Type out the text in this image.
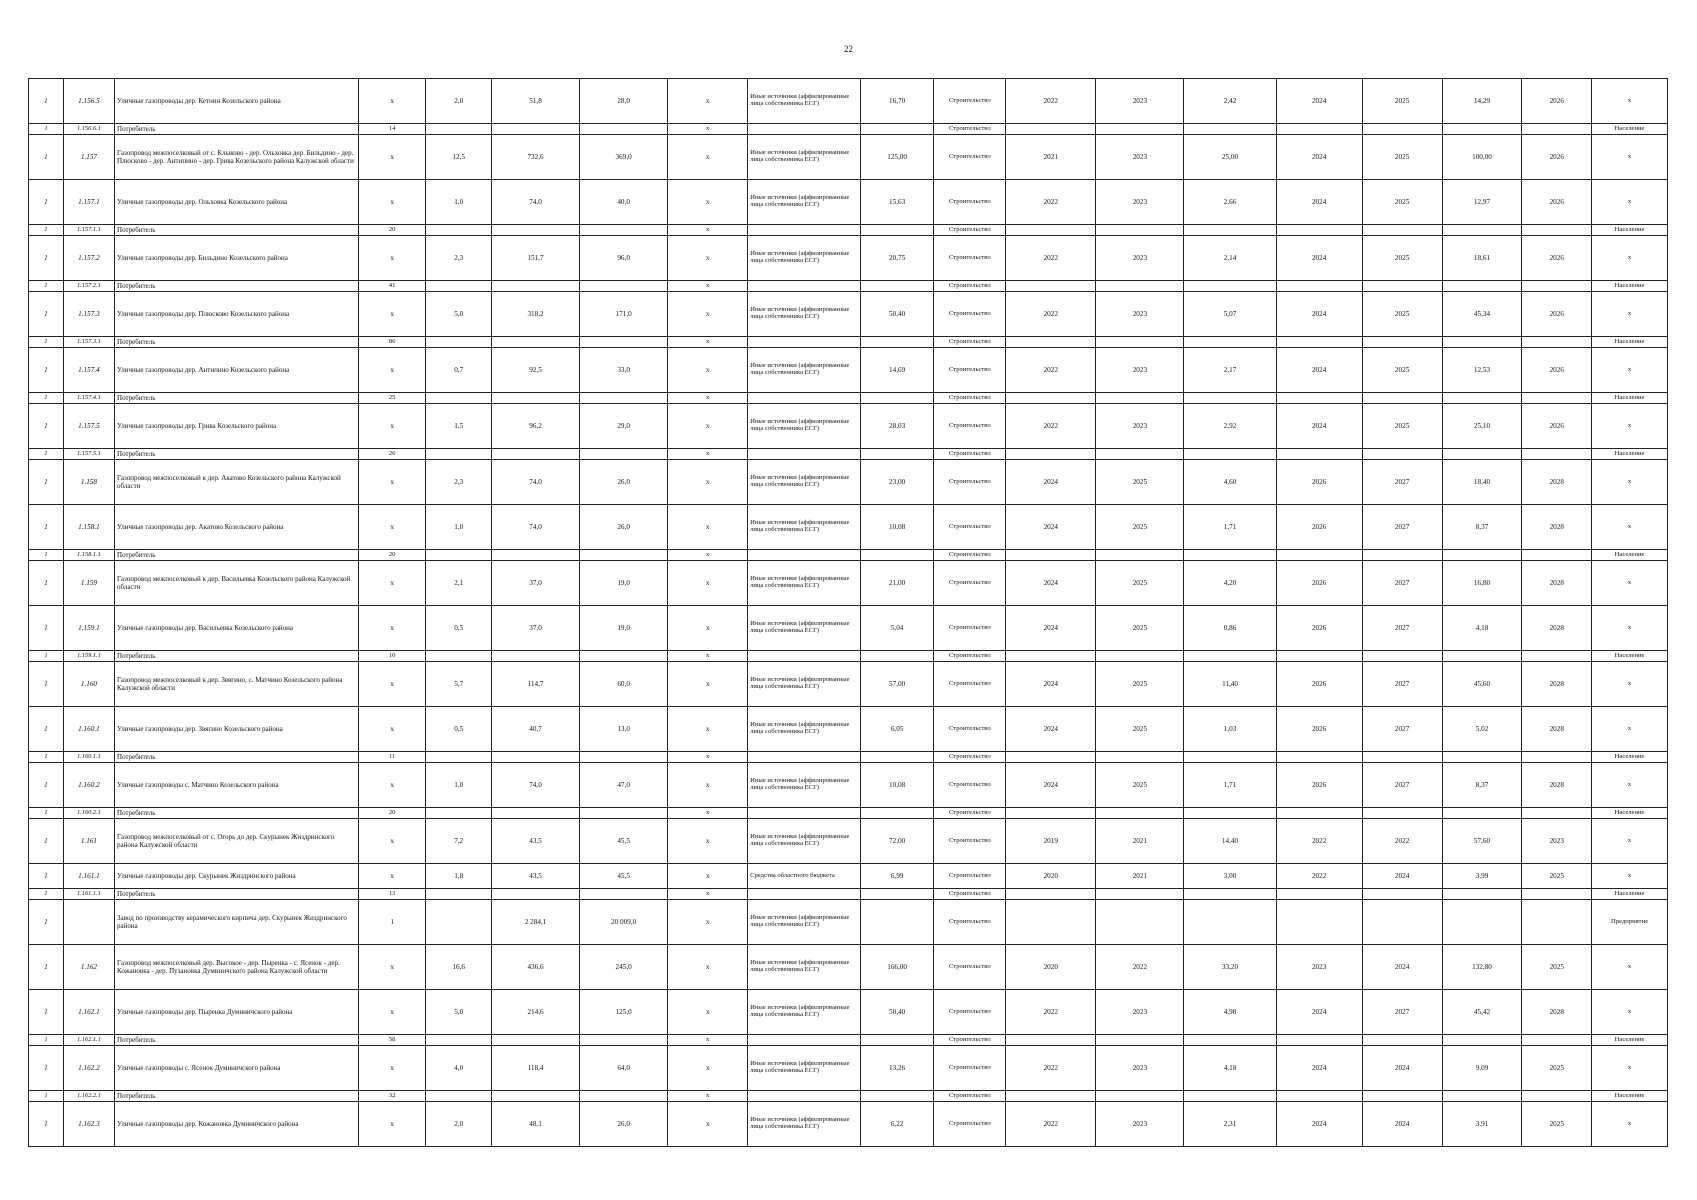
22
1	1.156.5	Уличные газопроводы дер. Кетнин Козельского района	х	2,0	51,8	28,0	х	Иные источники (аффилированные лица собственника ЕСГ)	16,70	Строительство	2022	2023	2,42	2024	2025	14,29	2026	х
1	1.156.6.1	Потребитель	14				х			Строительство								Население
1	1.157	Газопровод межпоселковый от с. Клыково - дер. Ольховка дер. Бильдино - дер. Плюсково - дер. Антипино - дер. Грива Козельского района Калужской области	х	12,5	732,6	369,0	х	Иные источники (аффилированные лица собственника ЕСГ)	125,00	Строительство	2021	2023	25,00	2024	2025	100,00	2026	х
1	1.157.1	Уличные газопроводы дер. Ольховка Козельского района	х	1,0	74,0	40,0	х	Иные источники (аффилированные лица собственника ЕСГ)	15,63	Строительство	2022	2023	2,66	2024	2025	12,97	2026	х
1	1.157.1.1	Потребитель	20				х			Строительство								Население
1	1.157.2	Уличные газопроводы дер. Бильдино Козельского района	х	2,3	151,7	96,0	х	Иные источники (аффилированные лица собственника ЕСГ)	20,75	Строительство	2022	2023	2,14	2024	2025	18,61	2026	х
1	1.157.2.1	Потребитель	41				х			Строительство								Население
1	1.157.3	Уличные газопроводы дер. Плюсково Козельского района	х	5,0	318,2	171,0	х	Иные источники (аффилированные лица собственника ЕСГ)	50,40	Строительство	2022	2023	5,07	2024	2025	45,34	2026	х
1	1.157.3.1	Потребитель	86				х			Строительство								Население
1	1.157.4	Уличные газопроводы дер. Антипино Козельского района	х	0,7	92,5	33,0	х	Иные источники (аффилированные лица собственника ЕСГ)	14,69	Строительство	2022	2023	2,17	2024	2025	12,53	2026	х
1	1.157.4.1	Потребитель	25				х			Строительство								Население
1	1.157.5	Уличные газопроводы дер. Грива Козельского района	х	1,5	96,2	29,0	х	Иные источники (аффилированные лица собственника ЕСГ)	28,03	Строительство	2022	2023	2,92	2024	2025	25,10	2026	х
1	1.157.5.1	Потребитель	26				х			Строительство								Население
1	1.158	Газопровод межпоселковый к дер. Акатово Козельского района Калужской области	х	2,3	74,0	26,0	х	Иные источники (аффилированные лица собственника ЕСГ)	23,00	Строительство	2024	2025	4,60	2026	2027	18,40	2028	х
1	1.158.1	Уличные газопроводы дер. Акатово Козельского района	х	1,0	74,0	26,0	х	Иные источники (аффилированные лица собственника ЕСГ)	10,08	Строительство	2024	2025	1,71	2026	2027	8,37	2028	х
1	1.158.1.1	Потребитель	20				х			Строительство								Население
1	1.159	Газопровод межпоселковый к дер. Васильевка Козельского района Калужской области	х	2,1	37,0	19,0	х	Иные источники (аффилированные лица собственника ЕСГ)	21,00	Строительство	2024	2025	4,20	2026	2027	16,80	2028	х
1	1.159.1	Уличные газопроводы дер. Васильевка Козельского района	х	0,5	37,0	19,0	х	Иные источники (аффилированные лица собственника ЕСГ)	5,04	Строительство	2024	2025	0,86	2026	2027	4,18	2028	х
1	1.159.1.1	Потребитель	10				х			Строительство								Население
1	1.160	Газопровод межпоселковый к дер. Звягино, с. Матчино Козельского района Калужской области	х	5,7	114,7	60,0	х	Иные источники (аффилированные лица собственника ЕСГ)	57,00	Строительство	2024	2025	11,40	2026	2027	45,60	2028	х
1	1.160.1	Уличные газопроводы дер. Звягино Козельского района	х	0,5	40,7	13,0	х	Иные источники (аффилированные лица собственника ЕСГ)	6,05	Строительство	2024	2025	1,03	2026	2027	5,02	2028	х
1	1.160.1.1	Потребитель	11				х			Строительство								Население
1	1.160.2	Уличные газопроводы с. Матчино Козельского района	х	1,0	74,0	47,0	х	Иные источники (аффилированные лица собственника ЕСГ)	10,08	Строительство	2024	2025	1,71	2026	2027	8,37	2028	х
1	1.160.2.1	Потребитель	20				х			Строительство								Население
1	1.161	Газопровод межпоселковый от с. Огорь до дер. Скурынек Жиздринского района Калужской области	х	7,2	43,5	45,5	х	Иные источники (аффилированные лица собственника ЕСГ)	72,00	Строительство	2019	2021	14,40	2022	2022	57,60	2023	х
1	1.161.1	Уличные газопроводы дер. Скурынек Жиздринского района	х	1,8	43,5	45,5	х	Средства областного бюджета	6,99	Строительство	2020	2021	3,00	2022	2024	3,99	2025	х
1	1.161.1.1	Потребитель	13				х			Строительство								Население
1		Завод по производству керамического кирпича дер. Скурынек Жиздринского района	1		2 284,1	20 009,0	х	Иные источники (аффилированные лица собственника ЕСГ)		Строительство								Предприятие
1	1.162	Газопровод межпоселковый дер. Высокое - дер. Пыренка - с. Ясенок - дер. Кожановка - дер. Пузановка Думиничского района Калужской области	х	16,6	436,6	245,0	х	Иные источники (аффилированные лица собственника ЕСГ)	166,00	Строительство	2020	2022	33,20	2023	2024	132,80	2025	х
1	1.162.1	Уличные газопроводы дер. Пыренка Думиничского района	х	5,0	214,6	125,0	х	Иные источники (аффилированные лица собственника ЕСГ)	50,40	Строительство	2022	2023	4,98	2024	2027	45,42	2028	х
1	1.162.1.1	Потребитель	58				х			Строительство								Население
1	1.162.2	Уличные газопроводы с. Ясенок Думиничского района	х	4,0	118,4	64,0	х	Иные источники (аффилированные лица собственника ЕСГ)	13,26	Строительство	2022	2023	4,18	2024	2024	9,09	2025	х
1	1.162.2.1	Потребитель	32				х			Строительство								Население
1	1.162.3	Уличные газопроводы дер. Кожановка Думиничского района	х	2,0	48,1	26,0	х	Иные источники (аффилированные лица собственника ЕСГ)	6,22	Строительство	2022	2023	2,31	2024	2024	3,91	2025	х
